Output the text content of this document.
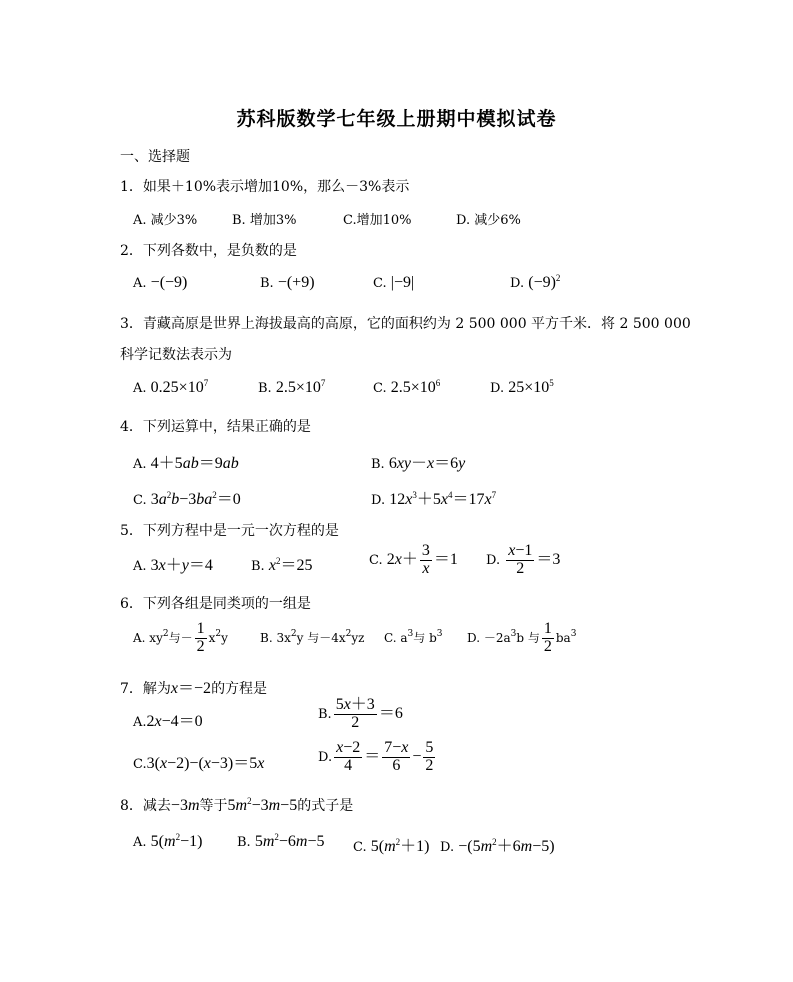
苏科版数学七年级上册期中模拟试卷
一、选择题
1．如果＋10%表示增加10%，那么－3%表示
A. 减少3%	B. 增加3%	C.增加10%	D. 减少6%
2．下列各数中，是负数的是
A. −(−9)	B. −(+9)	C. |−9|	D. $(-9)^2$
3．青藏高原是世界上海拔最高的高原，它的面积约为 2 500 000 平方千米．将 2 500 000
科学记数法表示为
A. $0.25\times 10^7$	B. $2.5\times 10^7$	C. $2.5\times 10^6$	D. $25\times 10^5$
4．下列运算中，结果正确的是
A. 4＋5ab＝9ab	B. 6xy－x＝6y
C. $3a^2b-3ba^2=0$	D. $12x^3+5x^4=17x^7$
5．下列方程中是一元一次方程的是
A. 3x＋y＝4	B. $x^2=25$	C. $2x+ \frac{3}{x} =1$ D. $\frac{x-1}{2} =3$
6．下列各组是同类项的一组是
A. $xy^2$与－ $\frac{1}{2} x^2y$	B. $3x^2y$ 与$-4x^2yz$ C. $a^3$与 $b^3$ D. $-2a^3b$ 与 $\frac{1}{2} ba^3$
7．解为x＝−2的方程是
A.2x−4＝0	B. $\frac{5x+3}{2} =6$
C.3(x−2)−(x−3)＝5x	D. $\frac{x-2}{4} = \frac{7-x}{6} - \frac{5}{2}$
8．减去−3m等于$5m^2-3m-5$的式子是
A. $5(m^2-1)$	B. $5m^2-6m-5$ C. $5(m^2+1)$ D. $-(5m^2+6m-5)$
